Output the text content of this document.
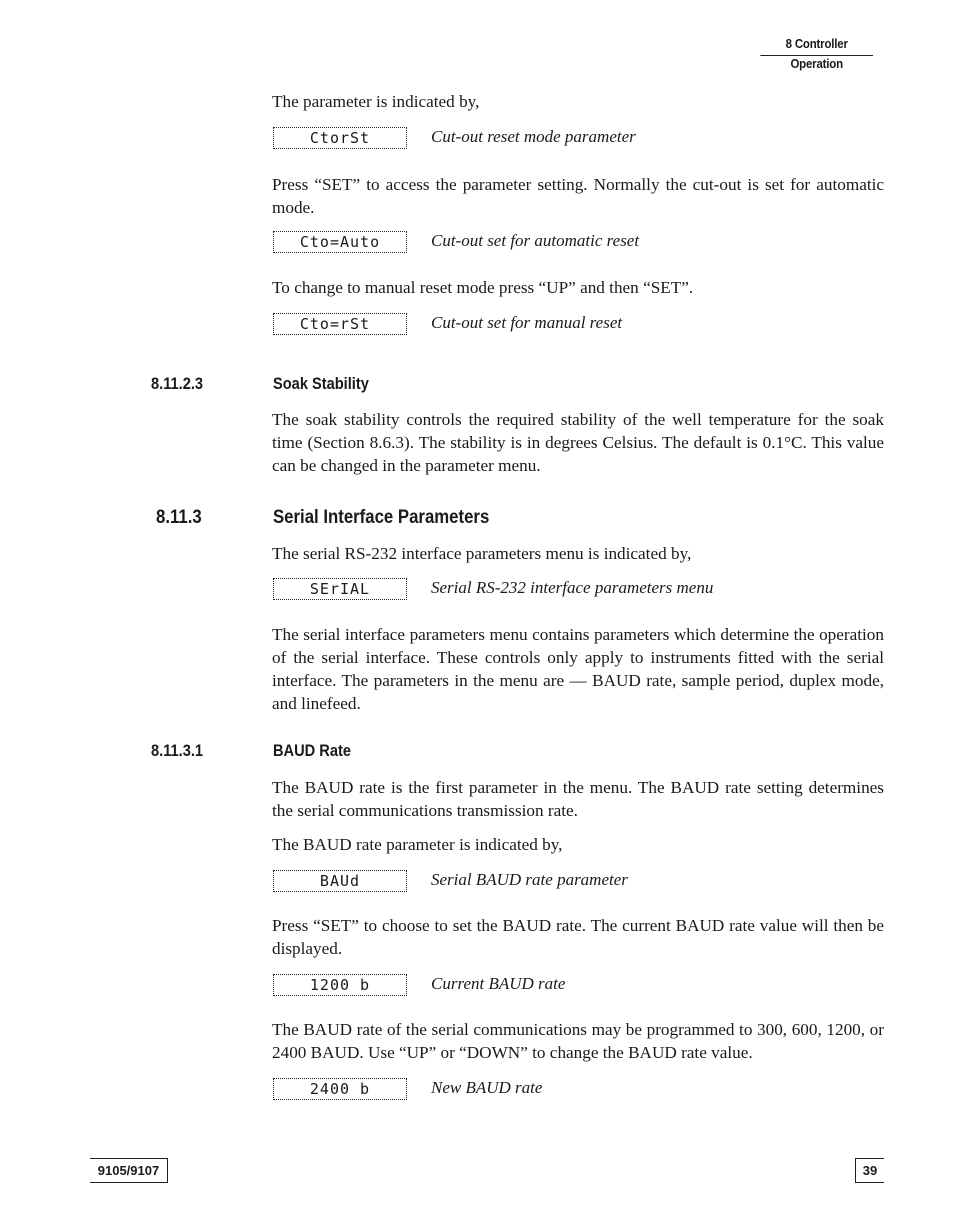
8 Controller Operation

The parameter is indicated by,

CtorSt	Cut-out reset mode parameter

Press “SET” to access the parameter setting. Normally the cut-out is set for automatic mode.

Cto=Auto	Cut-out set for automatic reset

To change to manual reset mode press “UP” and then “SET”.

Cto=rSt	Cut-out set for manual reset
8.11.2.3	Soak Stability

The soak stability controls the required stability of the well temperature for the soak time (Section 8.6.3). The stability is in degrees Celsius. The default is 0.1°C. This value can be changed in the parameter menu.

8.11.3	Serial Interface Parameters

The serial RS-232 interface parameters menu is indicated by,

SErIAL	Serial RS-232 interface parameters menu

The serial interface parameters menu contains parameters which determine the operation of the serial interface. These controls only apply to instruments fitted with the serial interface. The parameters in the menu are — BAUD rate, sample period, duplex mode, and linefeed.

8.11.3.1	BAUD Rate

The BAUD rate is the first parameter in the menu. The BAUD rate setting determines the serial communications transmission rate.

The BAUD rate parameter is indicated by,

BAUd	Serial BAUD rate parameter

Press “SET” to choose to set the BAUD rate. The current BAUD rate value will then be displayed.

1200 b	Current BAUD rate

The BAUD rate of the serial communications may be programmed to 300, 600, 1200, or 2400 BAUD. Use “UP” or “DOWN” to change the BAUD rate value.

2400 b	New BAUD rate
9105/9107	39
